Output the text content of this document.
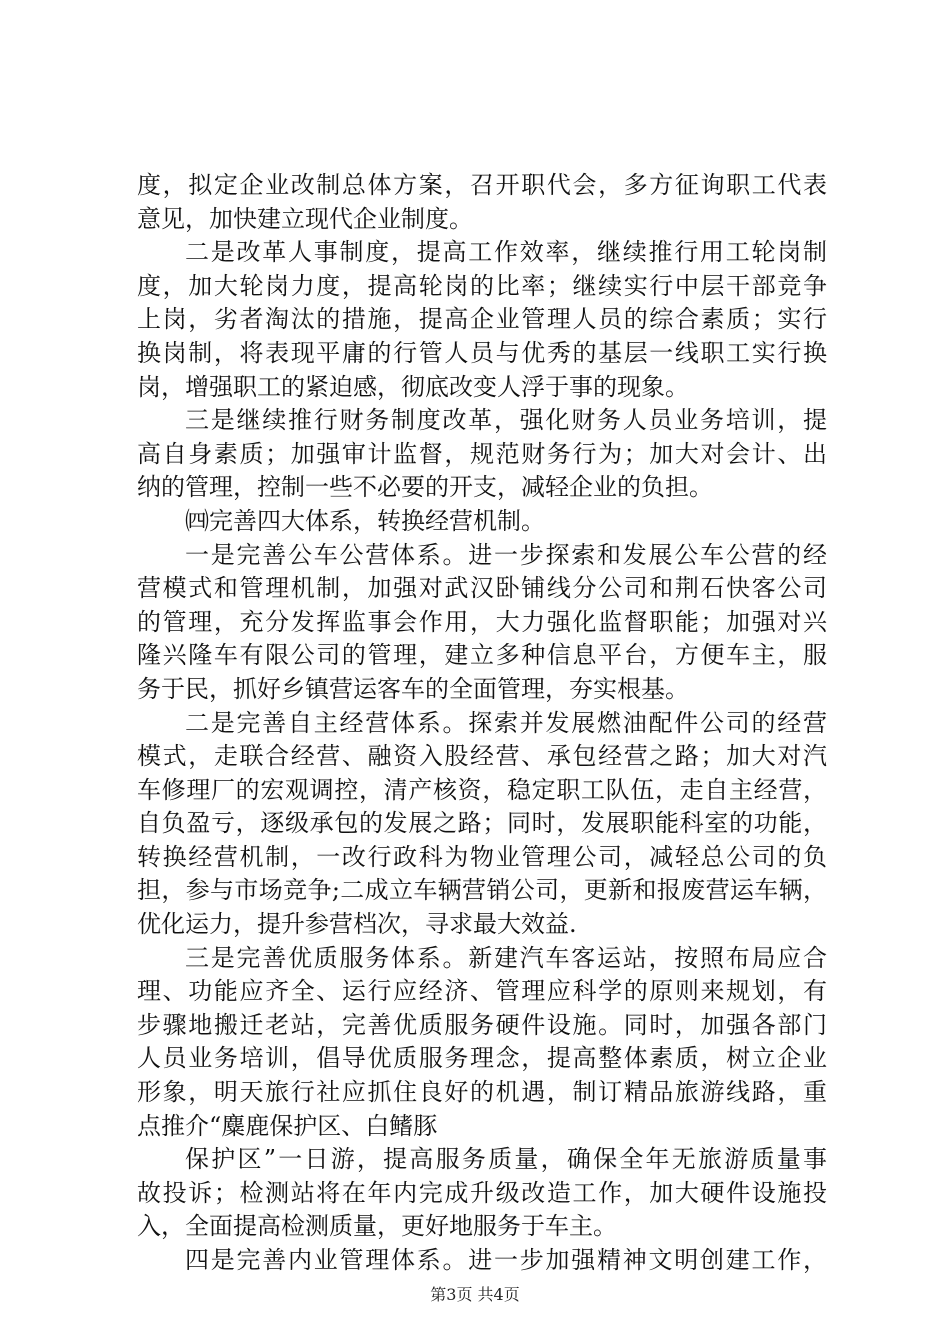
度，拟定企业改制总体方案，召开职代会，多方征询职工代表
意见，加快建立现代企业制度。
二是改革人事制度，提高工作效率，继续推行用工轮岗制
度，加大轮岗力度，提高轮岗的比率；继续实行中层干部竞争
上岗，劣者淘汰的措施，提高企业管理人员的综合素质；实行
换岗制，将表现平庸的行管人员与优秀的基层一线职工实行换
岗，增强职工的紧迫感，彻底改变人浮于事的现象。
三是继续推行财务制度改革，强化财务人员业务培训，提
高自身素质；加强审计监督，规范财务行为；加大对会计、出
纳的管理，控制一些不必要的开支，减轻企业的负担。
㈣完善四大体系，转换经营机制。
一是完善公车公营体系。进一步探索和发展公车公营的经
营模式和管理机制，加强对武汉卧铺线分公司和荆石快客公司
的管理，充分发挥监事会作用，大力强化监督职能；加强对兴
隆兴隆车有限公司的管理，建立多种信息平台，方便车主，服
务于民，抓好乡镇营运客车的全面管理，夯实根基。
二是完善自主经营体系。探索并发展燃油配件公司的经营
模式，走联合经营、融资入股经营、承包经营之路；加大对汽
车修理厂的宏观调控，清产核资，稳定职工队伍，走自主经营，
自负盈亏，逐级承包的发展之路；同时，发展职能科室的功能，
转换经营机制，一改行政科为物业管理公司，减轻总公司的负
担，参与市场竞争;二成立车辆营销公司，更新和报废营运车辆，
优化运力，提升参营档次，寻求最大效益.
三是完善优质服务体系。新建汽车客运站，按照布局应合
理、功能应齐全、运行应经济、管理应科学的原则来规划，有
步骤地搬迁老站，完善优质服务硬件设施。同时，加强各部门
人员业务培训，倡导优质服务理念，提高整体素质，树立企业
形象，明天旅行社应抓住良好的机遇，制订精品旅游线路，重
点推介“麋鹿保护区、白鳍豚
保护区”一日游，提高服务质量，确保全年无旅游质量事
故投诉；检测站将在年内完成升级改造工作，加大硬件设施投
入，全面提高检测质量，更好地服务于车主。
四是完善内业管理体系。进一步加强精神文明创建工作，
第3页 共4页
